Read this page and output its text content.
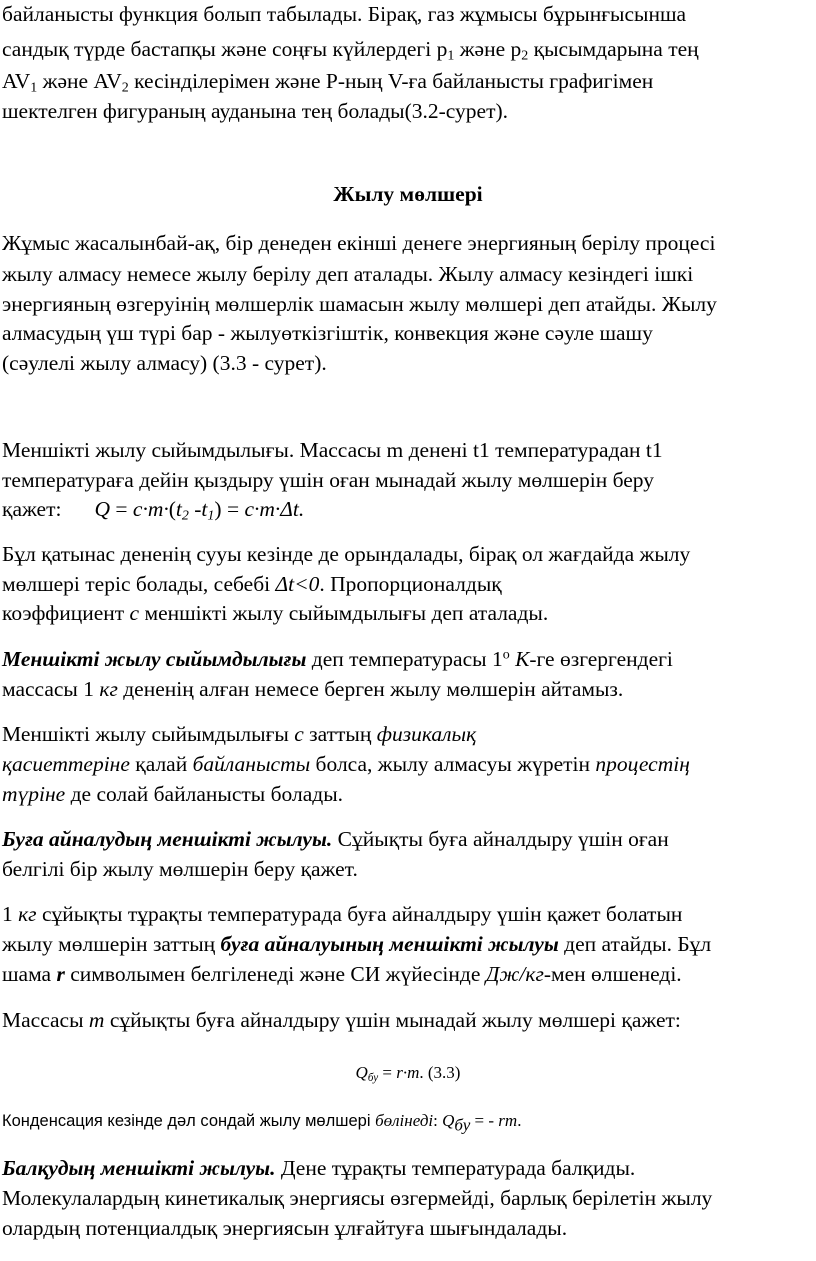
байланысты функция болып табылады. Бірақ, газ жұмысы бұрынғысынша
сандық түрде бастапқы және соңғы күйлердегі $p_1$ және $p_2$ қысымдарына тең
$AV_1$ және $AV_2$ кесінділерімен және P-ның V-ға байланысты графигімен
шектелген фигураның ауданына тең болады(3.2-сурет).
Жылу мөлшері
Жұмыс жасалынбай-ақ, бір денеден екінші денеге энергияның берілу процесі
жылу алмасу немесе жылу берілу деп аталады. Жылу алмасу кезіндегі ішкі
энергияның өзгеруінің мөлшерлік шамасын жылу мөлшері деп атайды. Жылу
алмасудың үш түрі бар - жылуөткізгіштік, конвекция және сәуле шашу
(сәулелі жылу алмасу) (3.3 - сурет).
Меншікті жылу сыйымдылығы. Массасы m денені t1 температурадан t1
температураға дейін қыздыру үшін оған мынадай жылу мөлшерін беру
қажет: $Q = c\cdot m\cdot(t_2$ $-t_1) = c\cdot m\cdot\Delta t$.
Бұл қатынас дененің сууы кезінде де орындалады, бірақ ол жағдайда жылу
мөлшері теріс болады, себебі Δt<0. Пропорционалдық
коэффициент с меншікті жылу сыйымдылығы деп аталады.
Меншікті жылу сыйымдылығы деп температурасы $1^о$ К-ге өзгергендегі
массасы 1 кг дененің алған немесе берген жылу мөлшерін айтамыз.
Меншікті жылу сыйымдылығы с заттың физикалық
қасиеттеріне қалай байланысты болса, жылу алмасуы жүретін процестің
түріне де солай байланысты болады.
Буға айналудың меншікті жылуы. Сұйықты буға айналдыру үшін оған
белгілі бір жылу мөлшерін беру қажет.
1 кг сұйықты тұрақты температурада буға айналдыру үшін қажет болатын
жылу мөлшерін заттың буға айналуының меншікті жылуы деп атайды. Бұл
шама r символымен белгіленеді және СИ жүйесінде Дж/кг-мен өлшенеді.
Массасы m сұйықты буға айналдыру үшін мынадай жылу мөлшері қажет:
$Q_{бу} = r\cdot m$. (3.3)
Конденсация кезінде дәл сондай жылу мөлшері бөлінеді: $Q_{бу}$ = - rm.
Балқудың меншікті жылуы. Дене тұрақты температурада балқиды.
Молекулалардың кинетикалық энергиясы өзгермейді, барлық берілетін жылу
олардың потенциалдық энергиясын ұлғайтуға шығындалады.
